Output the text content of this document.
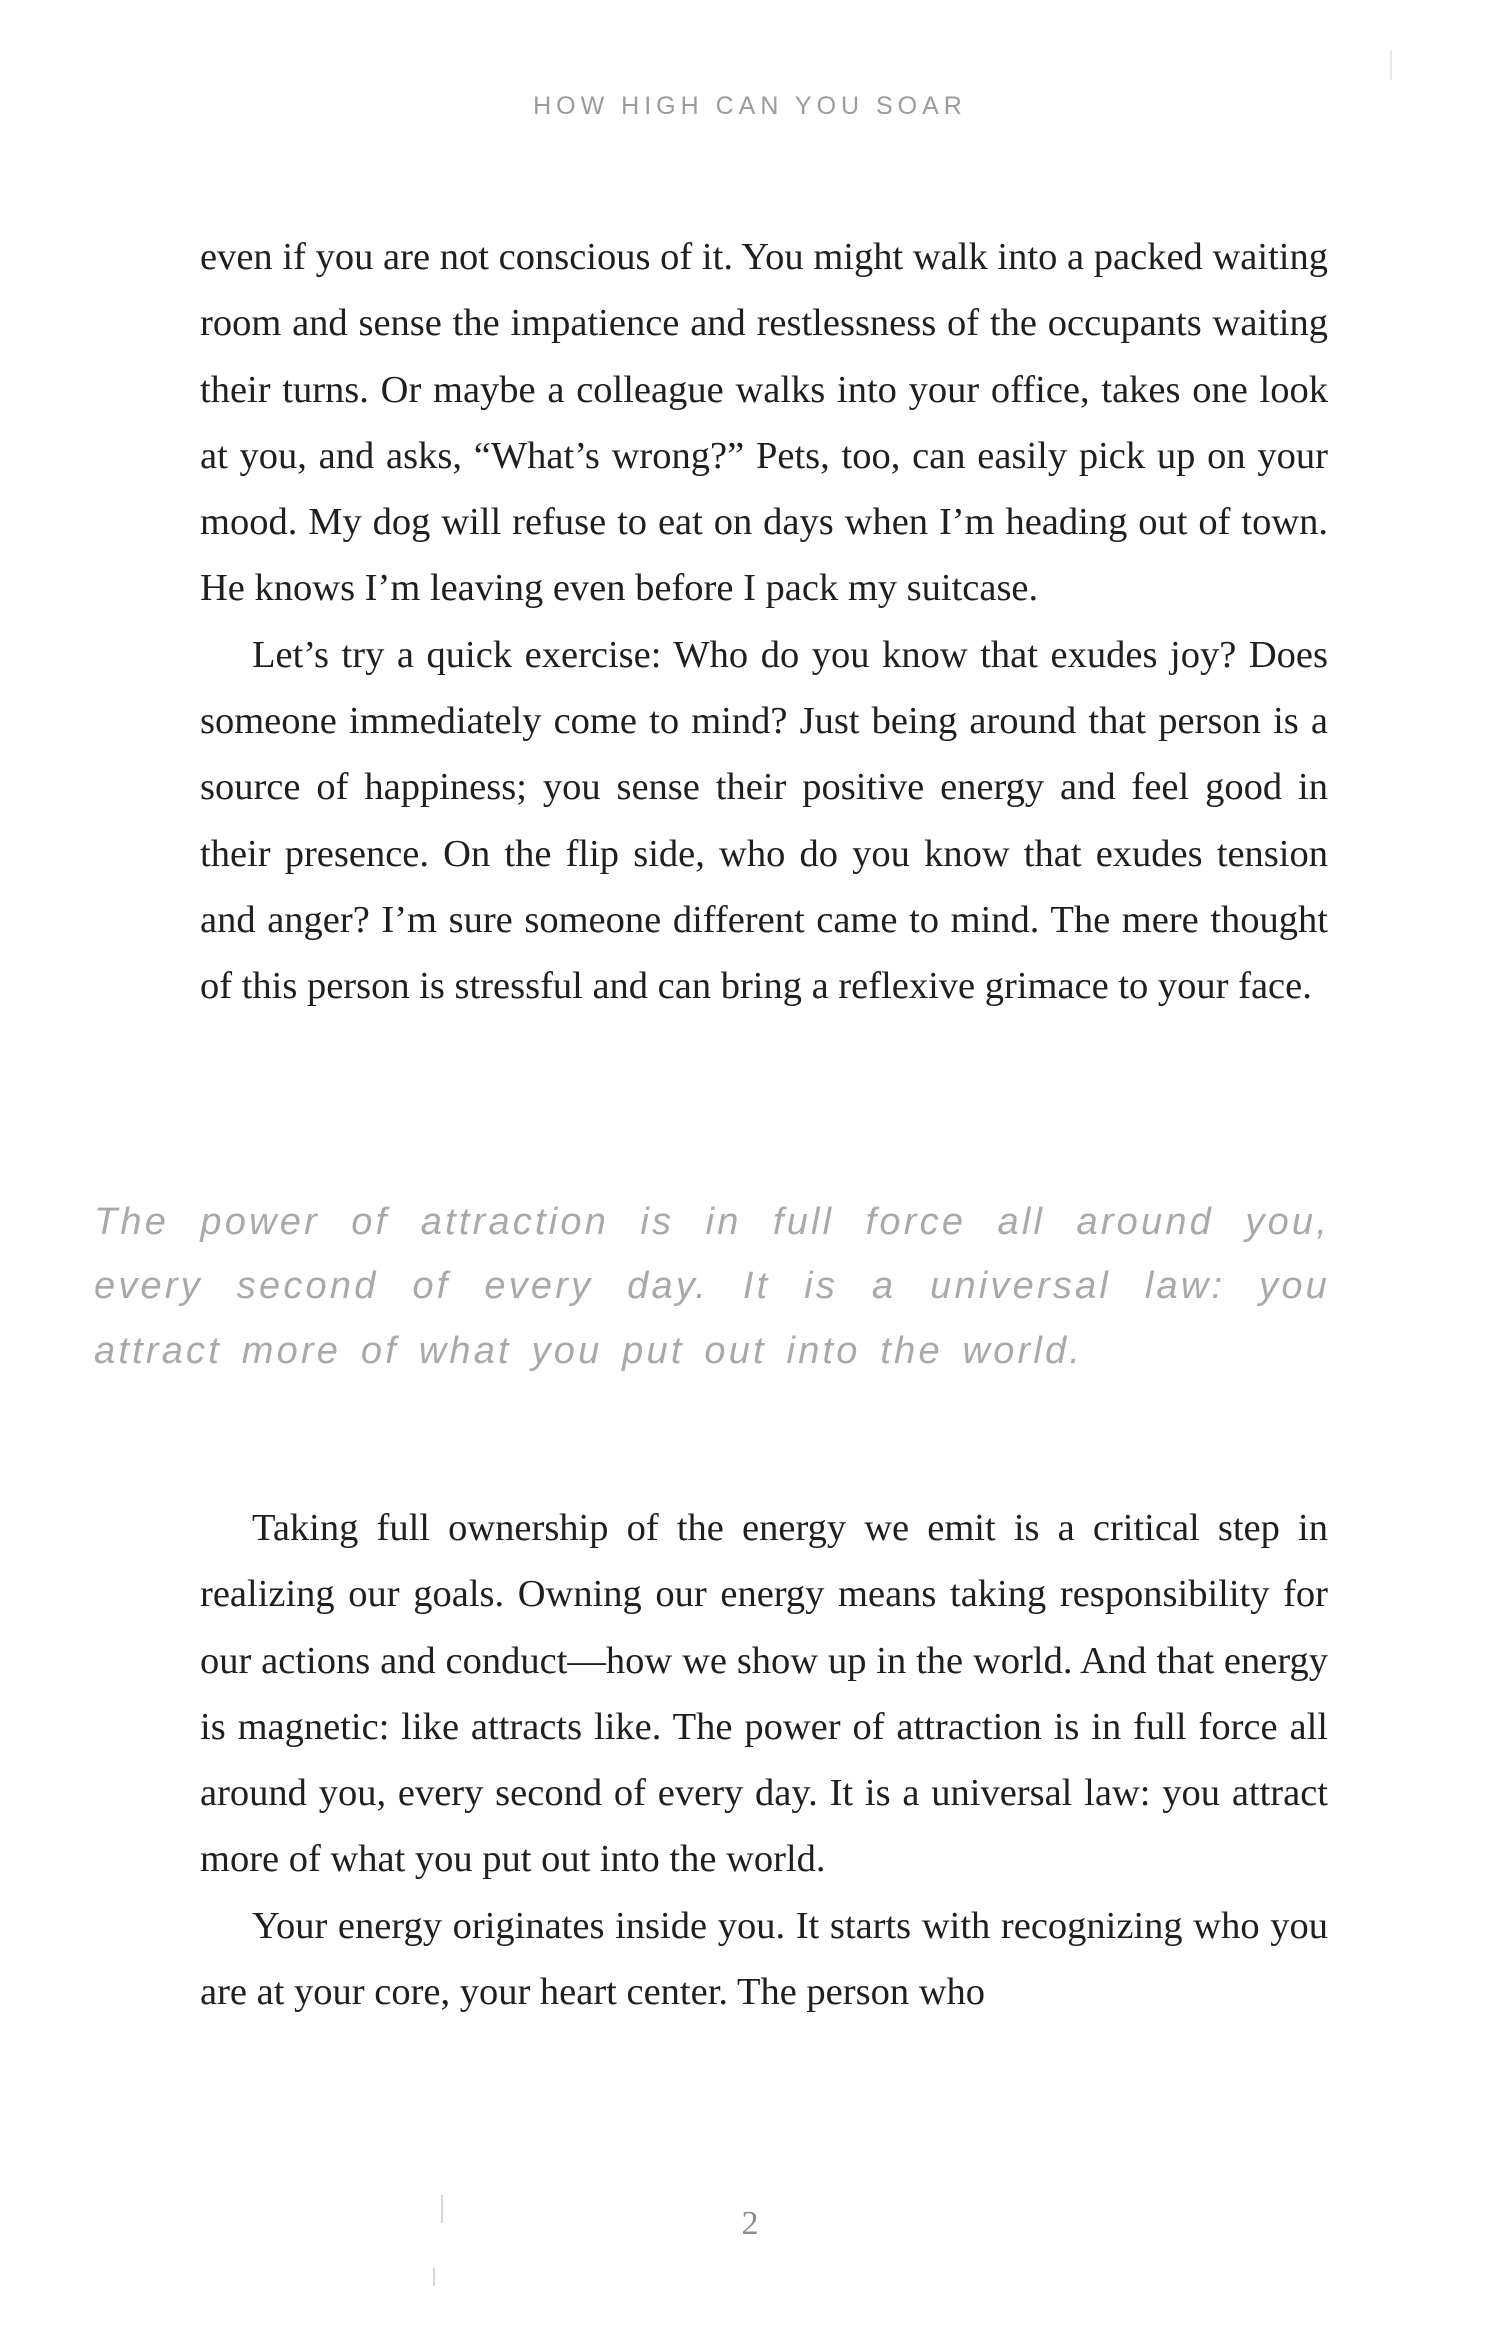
HOW HIGH CAN YOU SOAR

even if you are not conscious of it. You might walk into a packed waiting room and sense the impatience and restlessness of the occupants waiting their turns. Or maybe a colleague walks into your office, takes one look at you, and asks, “What’s wrong?” Pets, too, can easily pick up on your mood. My dog will refuse to eat on days when I’m heading out of town. He knows I’m leaving even before I pack my suitcase.

Let’s try a quick exercise: Who do you know that exudes joy? Does someone immediately come to mind? Just being around that person is a source of happiness; you sense their positive energy and feel good in their presence. On the flip side, who do you know that exudes tension and anger? I’m sure someone different came to mind. The mere thought of this person is stressful and can bring a reflexive grimace to your face.

The power of attraction is in full force all around you, every second of every day. It is a universal law: you attract more of what you put out into the world.

Taking full ownership of the energy we emit is a critical step in realizing our goals. Owning our energy means taking responsibility for our actions and conduct—how we show up in the world. And that energy is magnetic: like attracts like. The power of attraction is in full force all around you, every second of every day. It is a universal law: you attract more of what you put out into the world.

Your energy originates inside you. It starts with recognizing who you are at your core, your heart center. The person who

2
